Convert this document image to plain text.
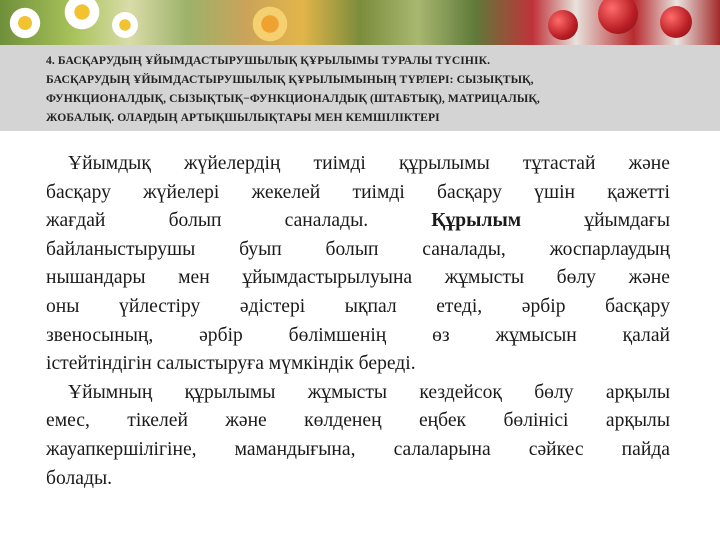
4. БАСҚАРУДЫҢ ҰЙЫМДАСТЫРУШЫЛЫҚ ҚҰРЫЛЫМЫ ТУРАЛЫ ТҮСІНІК.
БАСҚАРУДЫҢ ҰЙЫМДАСТЫРУШЫЛЫҚ ҚҰРЫЛЫМЫНЫҢ ТҮРЛЕРІ: СЫЗЫҚТЫҚ,
ФУНКЦИОНАЛДЫҚ, СЫЗЫҚТЫҚ−ФУНКЦИОНАЛДЫҚ (ШТАБТЫҚ), МАТРИЦАЛЫҚ,
ЖОБАЛЫҚ. ОЛАРДЫҢ АРТЫҚШЫЛЫҚТАРЫ МЕН КЕМШІЛІКТЕРІ
Ұйымдық жүйелердің тиімді құрылымы тұтастай және
басқару жүйелері жекелей тиімді басқару үшін қажетті
жағдай болып саналады.	Құрылым	ұйымдағы
байланыстырушы буып болып саналады, жоспарлаудың
нышандары мен ұйымдастырылуына жұмысты бөлу және
оны үйлестіру әдістері ықпал етеді, әрбір басқару
звеносының, әрбір бөлімшенің өз жұмысын қалай
істейтіндігін салыстыруға мүмкіндік береді.
Ұйымның құрылымы жұмысты кездейсоқ бөлу арқылы
емес, тікелей және көлденең еңбек бөлінісі арқылы
жауапкершілігіне, мамандығына, салаларына сәйкес пайда
болады.
